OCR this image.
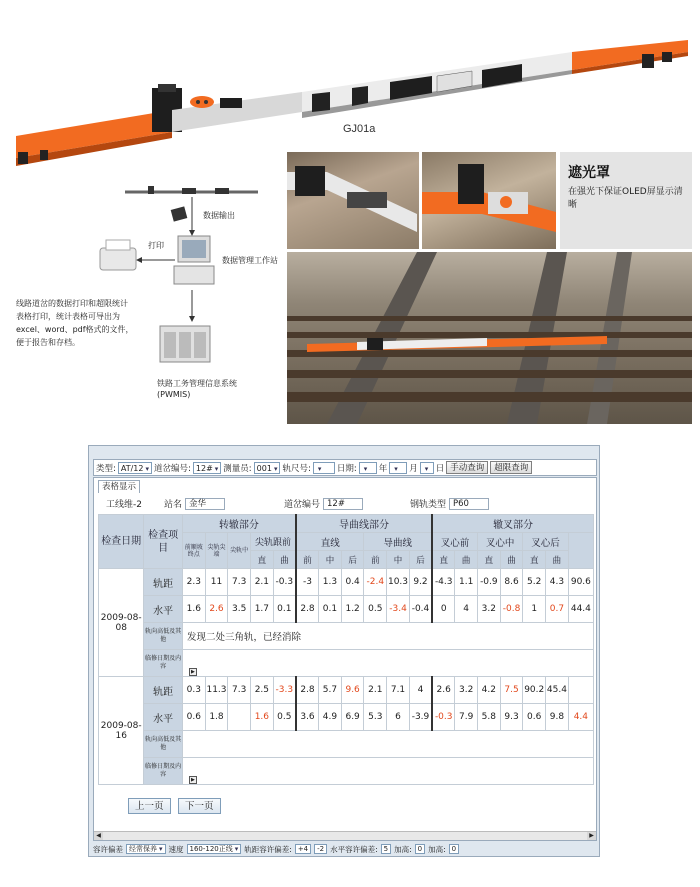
GJ01a
数据输出
打印
数据管理工作站
铁路工务管理信息系统
(PWMIS)
线路道岔的数据打印和超限统计表格打印，统计表格可导出为excel、word、pdf格式的文件，便于报告和存档。
遮光罩
在强光下保证OLED屏显示清晰
类型: AT/12 ▾	道岔编号: 12# ▾	测量员: 001 ▾	轨尺号: ▾	日期: ▾	年 ▾	月 ▾ 日 手动查询	超限查询
表格显示
工线维-2 站名 金华	道岔编号 12#	钢轨类型 P60
检查日期	检查项目	转辙部分					导曲线部分						辙叉部分						
		前顺坡终点	尖轨尖端	尖轨中	尖轨跟前		直线			导曲线			叉心前		叉心中		叉心后		
					直	曲	前	中	后	前	中	后	直	曲	直	曲	直	曲	
2009-08-08	轨距	2.3	11	7.3	2.1	-0.3	-3	1.3	0.4	-2.4	10.3	9.2	-4.3	1.1	-0.9	8.6	5.2	4.3	90.6
	水平	1.6	2.6	3.5	1.7	0.1	2.8	0.1	1.2	0.5	-3.4	-0.4	0	4	3.2	-0.8	1	0.7	44.4
	轨向高低及其他	发现二处三角轨，已经消除																	
	临修日期及内容	▶																	
2009-08-16	轨距	0.3	11.3	7.3	2.5	-3.3	2.8	5.7	9.6	2.1	7.1	4	2.6	3.2	4.2	7.5	90.2	45.4	
	水平	0.6	1.8		1.6	0.5	3.6	4.9	6.9	5.3	6	-3.9	-0.3	7.9	5.8	9.3	0.6	9.8	4.4
	轨向高低及其他																		
	临修日期及内容	▶																	
上一页	下一页
◀	▶
容许偏差 经常保养 ▾	速度 160-120正线 ▾	轨距容许偏差: +4	-2 水平容许偏差: 5 加高: 0 加高: 0
